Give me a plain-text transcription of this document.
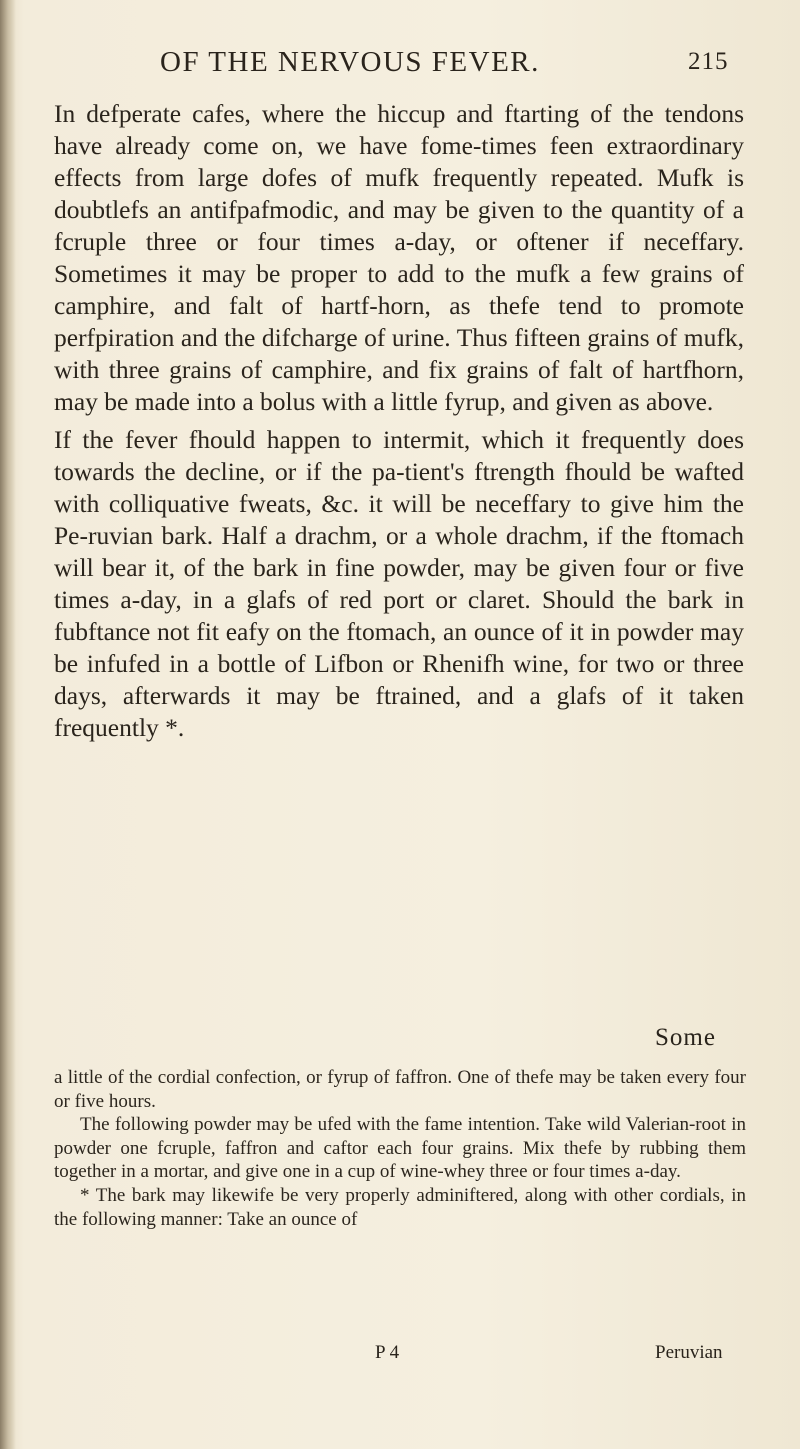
OF THE NERVOUS FEVER.	215

In defperate cafes, where the hiccup and ftarting of the tendons have already come on, we have fome-times feen extraordinary effects from large dofes of mufk frequently repeated. Mufk is doubtlefs an antifpafmodic, and may be given to the quantity of a fcruple three or four times a-day, or oftener if neceffary. Sometimes it may be proper to add to the mufk a few grains of camphire, and falt of hartf-horn, as thefe tend to promote perfpiration and the difcharge of urine. Thus fifteen grains of mufk, with three grains of camphire, and fix grains of falt of hartfhorn, may be made into a bolus with a little fyrup, and given as above.

If the fever fhould happen to intermit, which it frequently does towards the decline, or if the pa-tient's ftrength fhould be wafted with colliquative fweats, &c. it will be neceffary to give him the Pe-ruvian bark. Half a drachm, or a whole drachm, if the ftomach will bear it, of the bark in fine powder, may be given four or five times a-day, in a glafs of red port or claret. Should the bark in fubftance not fit eafy on the ftomach, an ounce of it in powder may be infufed in a bottle of Lifbon or Rhenifh wine, for two or three days, afterwards it may be ftrained, and a glafs of it taken frequently *.

Some

a little of the cordial confection, or fyrup of faffron. One of thefe may be taken every four or five hours.

The following powder may be ufed with the fame intention. Take wild Valerian-root in powder one fcruple, faffron and caftor each four grains. Mix thefe by rubbing them together in a mortar, and give one in a cup of wine-whey three or four times a-day.

* The bark may likewife be very properly adminiftered, along with other cordials, in the following manner: Take an ounce of

P 4	Peruvian
